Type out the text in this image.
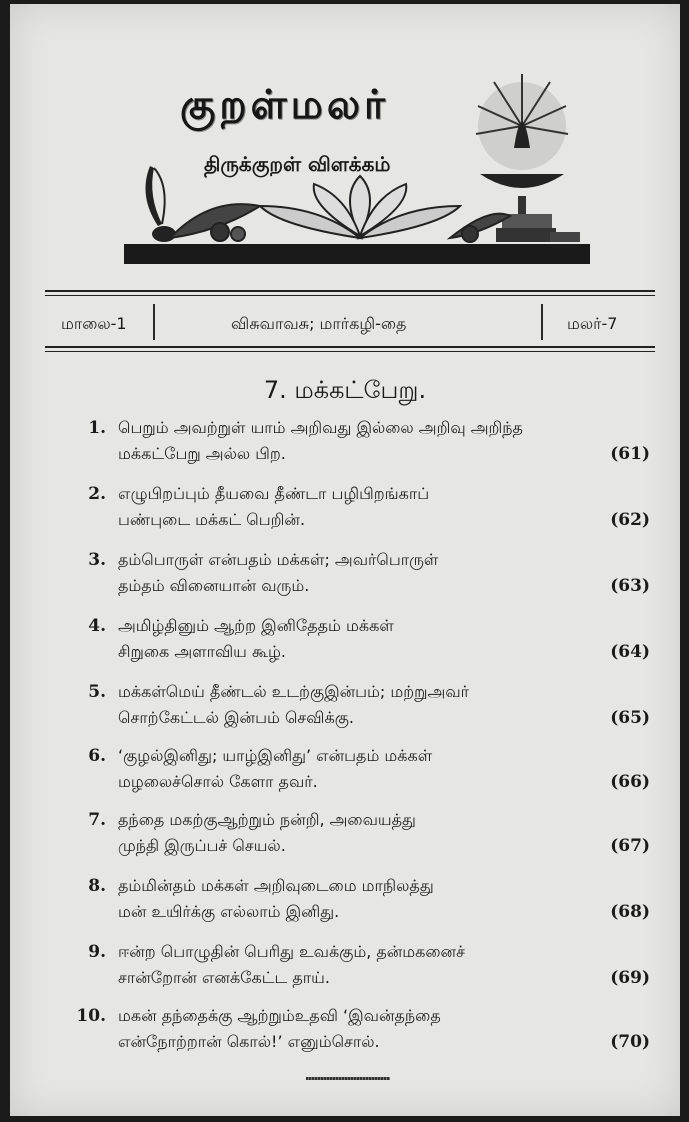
குறள்மலர்
திருக்குறள் விளக்கம்
மாலை-1	விசுவாவசு; மார்கழி-தை	மலர்-7
7. மக்கட்பேறு.
1. பெறும் அவற்றுள் யாம் அறிவது இல்லை அறிவு அறிந்த
மக்கட்பேறு அல்ல பிற.	(61)
2. எழுபிறப்பும் தீயவை தீண்டா பழிபிறங்காப்
பண்புடை மக்கட் பெறின்.	(62)
3. தம்பொருள் என்பதம் மக்கள்; அவர்பொருள்
தம்தம் வினையான் வரும்.	(63)
4. அமிழ்தினும் ஆற்ற இனிதேதம் மக்கள்
சிறுகை அளாவிய கூழ்.	(64)
5. மக்கள்மெய் தீண்டல் உடற்குஇன்பம்; மற்றுஅவர்
சொற்கேட்டல் இன்பம் செவிக்கு.	(65)
6. ‘குழல்இனிது; யாழ்இனிது’ என்பதம் மக்கள்
மழலைச்சொல் கேளா தவர்.	(66)
7. தந்தை மகற்குஆற்றும் நன்றி, அவையத்து
முந்தி இருப்பச் செயல்.	(67)
8. தம்மின்தம் மக்கள் அறிவுடைமை மாநிலத்து
மன் உயிர்க்கு எல்லாம் இனிது.	(68)
9. ஈன்ற பொழுதின் பெரிது உவக்கும், தன்மகனைச்
சான்றோன் எனக்கேட்ட தாய்.	(69)
10. மகன் தந்தைக்கு ஆற்றும்உதவி ‘இவன்தந்தை
என்நோற்றான் கொல்!’ எனும்சொல்.	(70)
